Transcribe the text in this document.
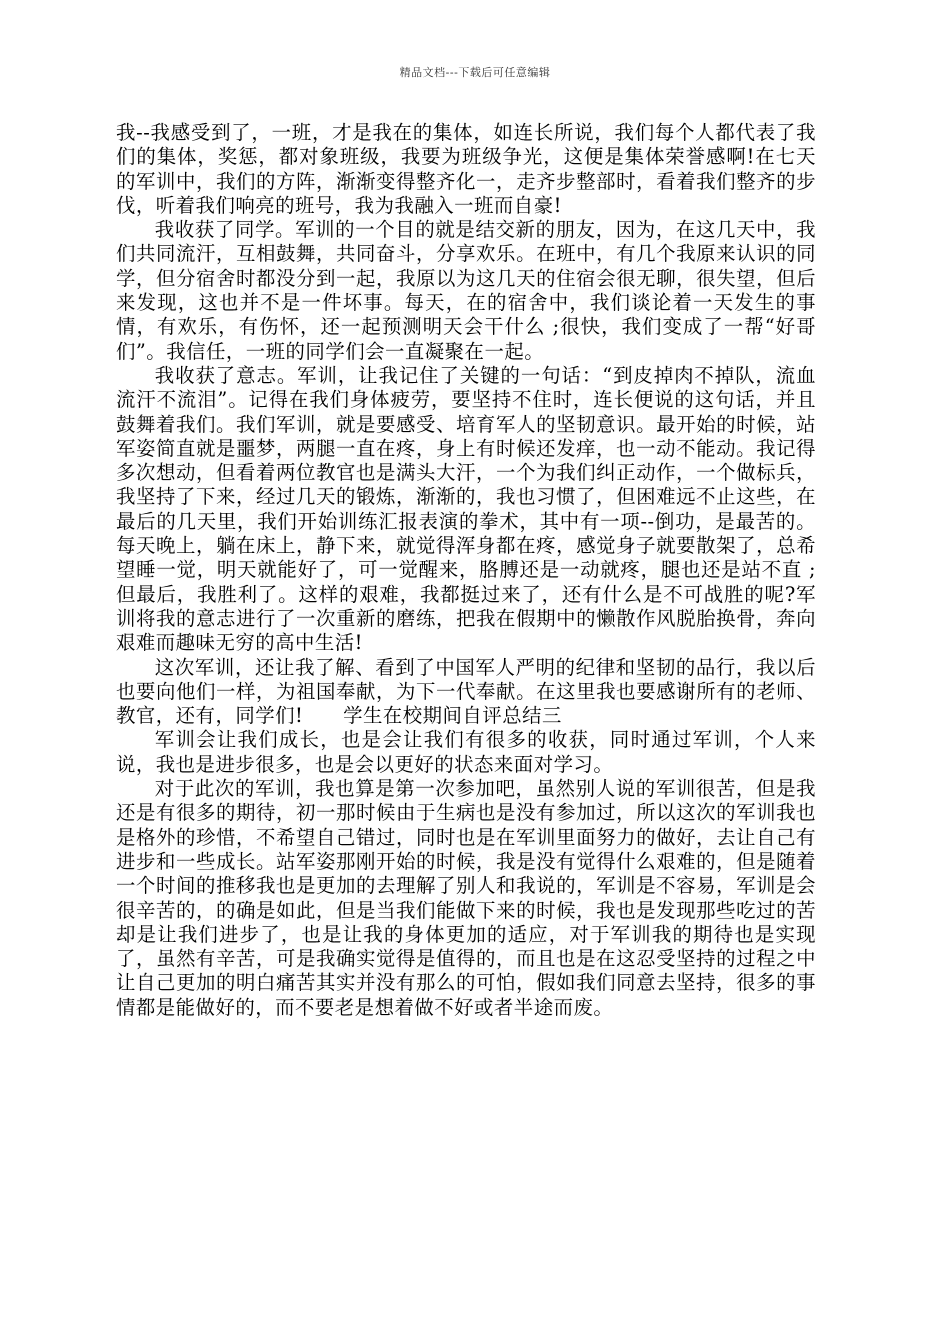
精品文档---下载后可任意编辑

我--我感受到了，一班，才是我在的集体，如连长所说，我们每个人都代表了我们的集体，奖惩，都对象班级，我要为班级争光，这便是集体荣誉感啊!在七天的军训中，我们的方阵，渐渐变得整齐化一，走齐步整部时，看着我们整齐的步伐，听着我们响亮的班号，我为我融入一班而自豪!

我收获了同学。军训的一个目的就是结交新的朋友，因为，在这几天中，我们共同流汗，互相鼓舞，共同奋斗，分享欢乐。在班中，有几个我原来认识的同学，但分宿舍时都没分到一起，我原以为这几天的住宿会很无聊，很失望，但后来发现，这也并不是一件坏事。每天，在的宿舍中，我们谈论着一天发生的事情，有欢乐，有伤怀，还一起预测明天会干什么 ;很快，我们变成了一帮“好哥们”。我信任，一班的同学们会一直凝聚在一起。

我收获了意志。军训，让我记住了关键的一句话：“到皮掉肉不掉队，流血流汗不流泪”。记得在我们身体疲劳，要坚持不住时，连长便说的这句话，并且鼓舞着我们。我们军训，就是要感受、培育军人的坚韧意识。最开始的时候，站军姿简直就是噩梦，两腿一直在疼，身上有时候还发痒，也一动不能动。我记得多次想动，但看着两位教官也是满头大汗，一个为我们纠正动作，一个做标兵，我坚持了下来，经过几天的锻炼，渐渐的，我也习惯了，但困难远不止这些，在最后的几天里，我们开始训练汇报表演的拳术，其中有一项--倒功，是最苦的。每天晚上，躺在床上，静下来，就觉得浑身都在疼，感觉身子就要散架了，总希望睡一觉，明天就能好了，可一觉醒来，胳膊还是一动就疼，腿也还是站不直 ;但最后，我胜利了。这样的艰难，我都挺过来了，还有什么是不可战胜的呢?军训将我的意志进行了一次重新的磨练，把我在假期中的懒散作风脱胎换骨，奔向艰难而趣味无穷的高中生活!

这次军训，还让我了解、看到了中国军人严明的纪律和坚韧的品行，我以后也要向他们一样，为祖国奉献，为下一代奉献。在这里我也要感谢所有的老师、教官，还有，同学们!　　学生在校期间自评总结三

军训会让我们成长，也是会让我们有很多的收获，同时通过军训，个人来说，我也是进步很多，也是会以更好的状态来面对学习。

对于此次的军训，我也算是第一次参加吧，虽然别人说的军训很苦，但是我还是有很多的期待，初一那时候由于生病也是没有参加过，所以这次的军训我也是格外的珍惜，不希望自己错过，同时也是在军训里面努力的做好，去让自己有进步和一些成长。站军姿那刚开始的时候，我是没有觉得什么艰难的，但是随着一个时间的推移我也是更加的去理解了别人和我说的，军训是不容易，军训是会很辛苦的，的确是如此，但是当我们能做下来的时候，我也是发现那些吃过的苦却是让我们进步了，也是让我的身体更加的适应，对于军训我的期待也是实现了，虽然有辛苦，可是我确实觉得是值得的，而且也是在这忍受坚持的过程之中让自己更加的明白痛苦其实并没有那么的可怕，假如我们同意去坚持，很多的事情都是能做好的，而不要老是想着做不好或者半途而废。
